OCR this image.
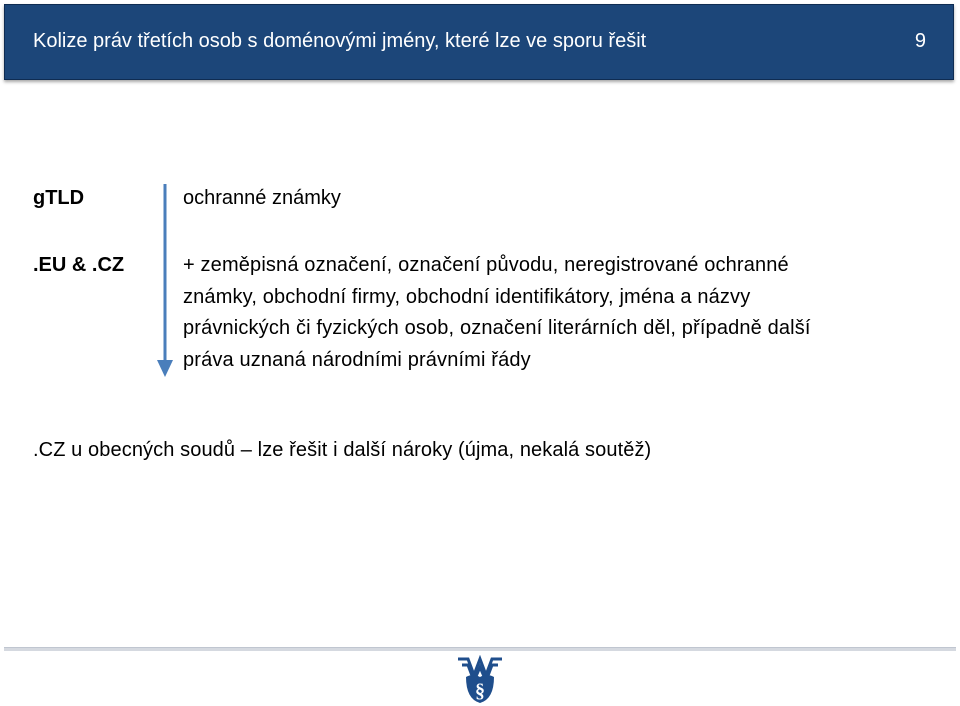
Kolize práv třetích osob s doménovými jmény, které lze ve sporu řešit	9
gTLD
.EU & .CZ
ochranné známky
+ zeměpisná označení, označení původu, neregistrované ochranné
známky, obchodní firmy, obchodní identifikátory, jména a názvy
právnických či fyzických osob, označení literárních děl, případně další
práva uznaná národními právními řády
.CZ u obecných soudů – lze řešit i další nároky (újma, nekalá soutěž)
§
